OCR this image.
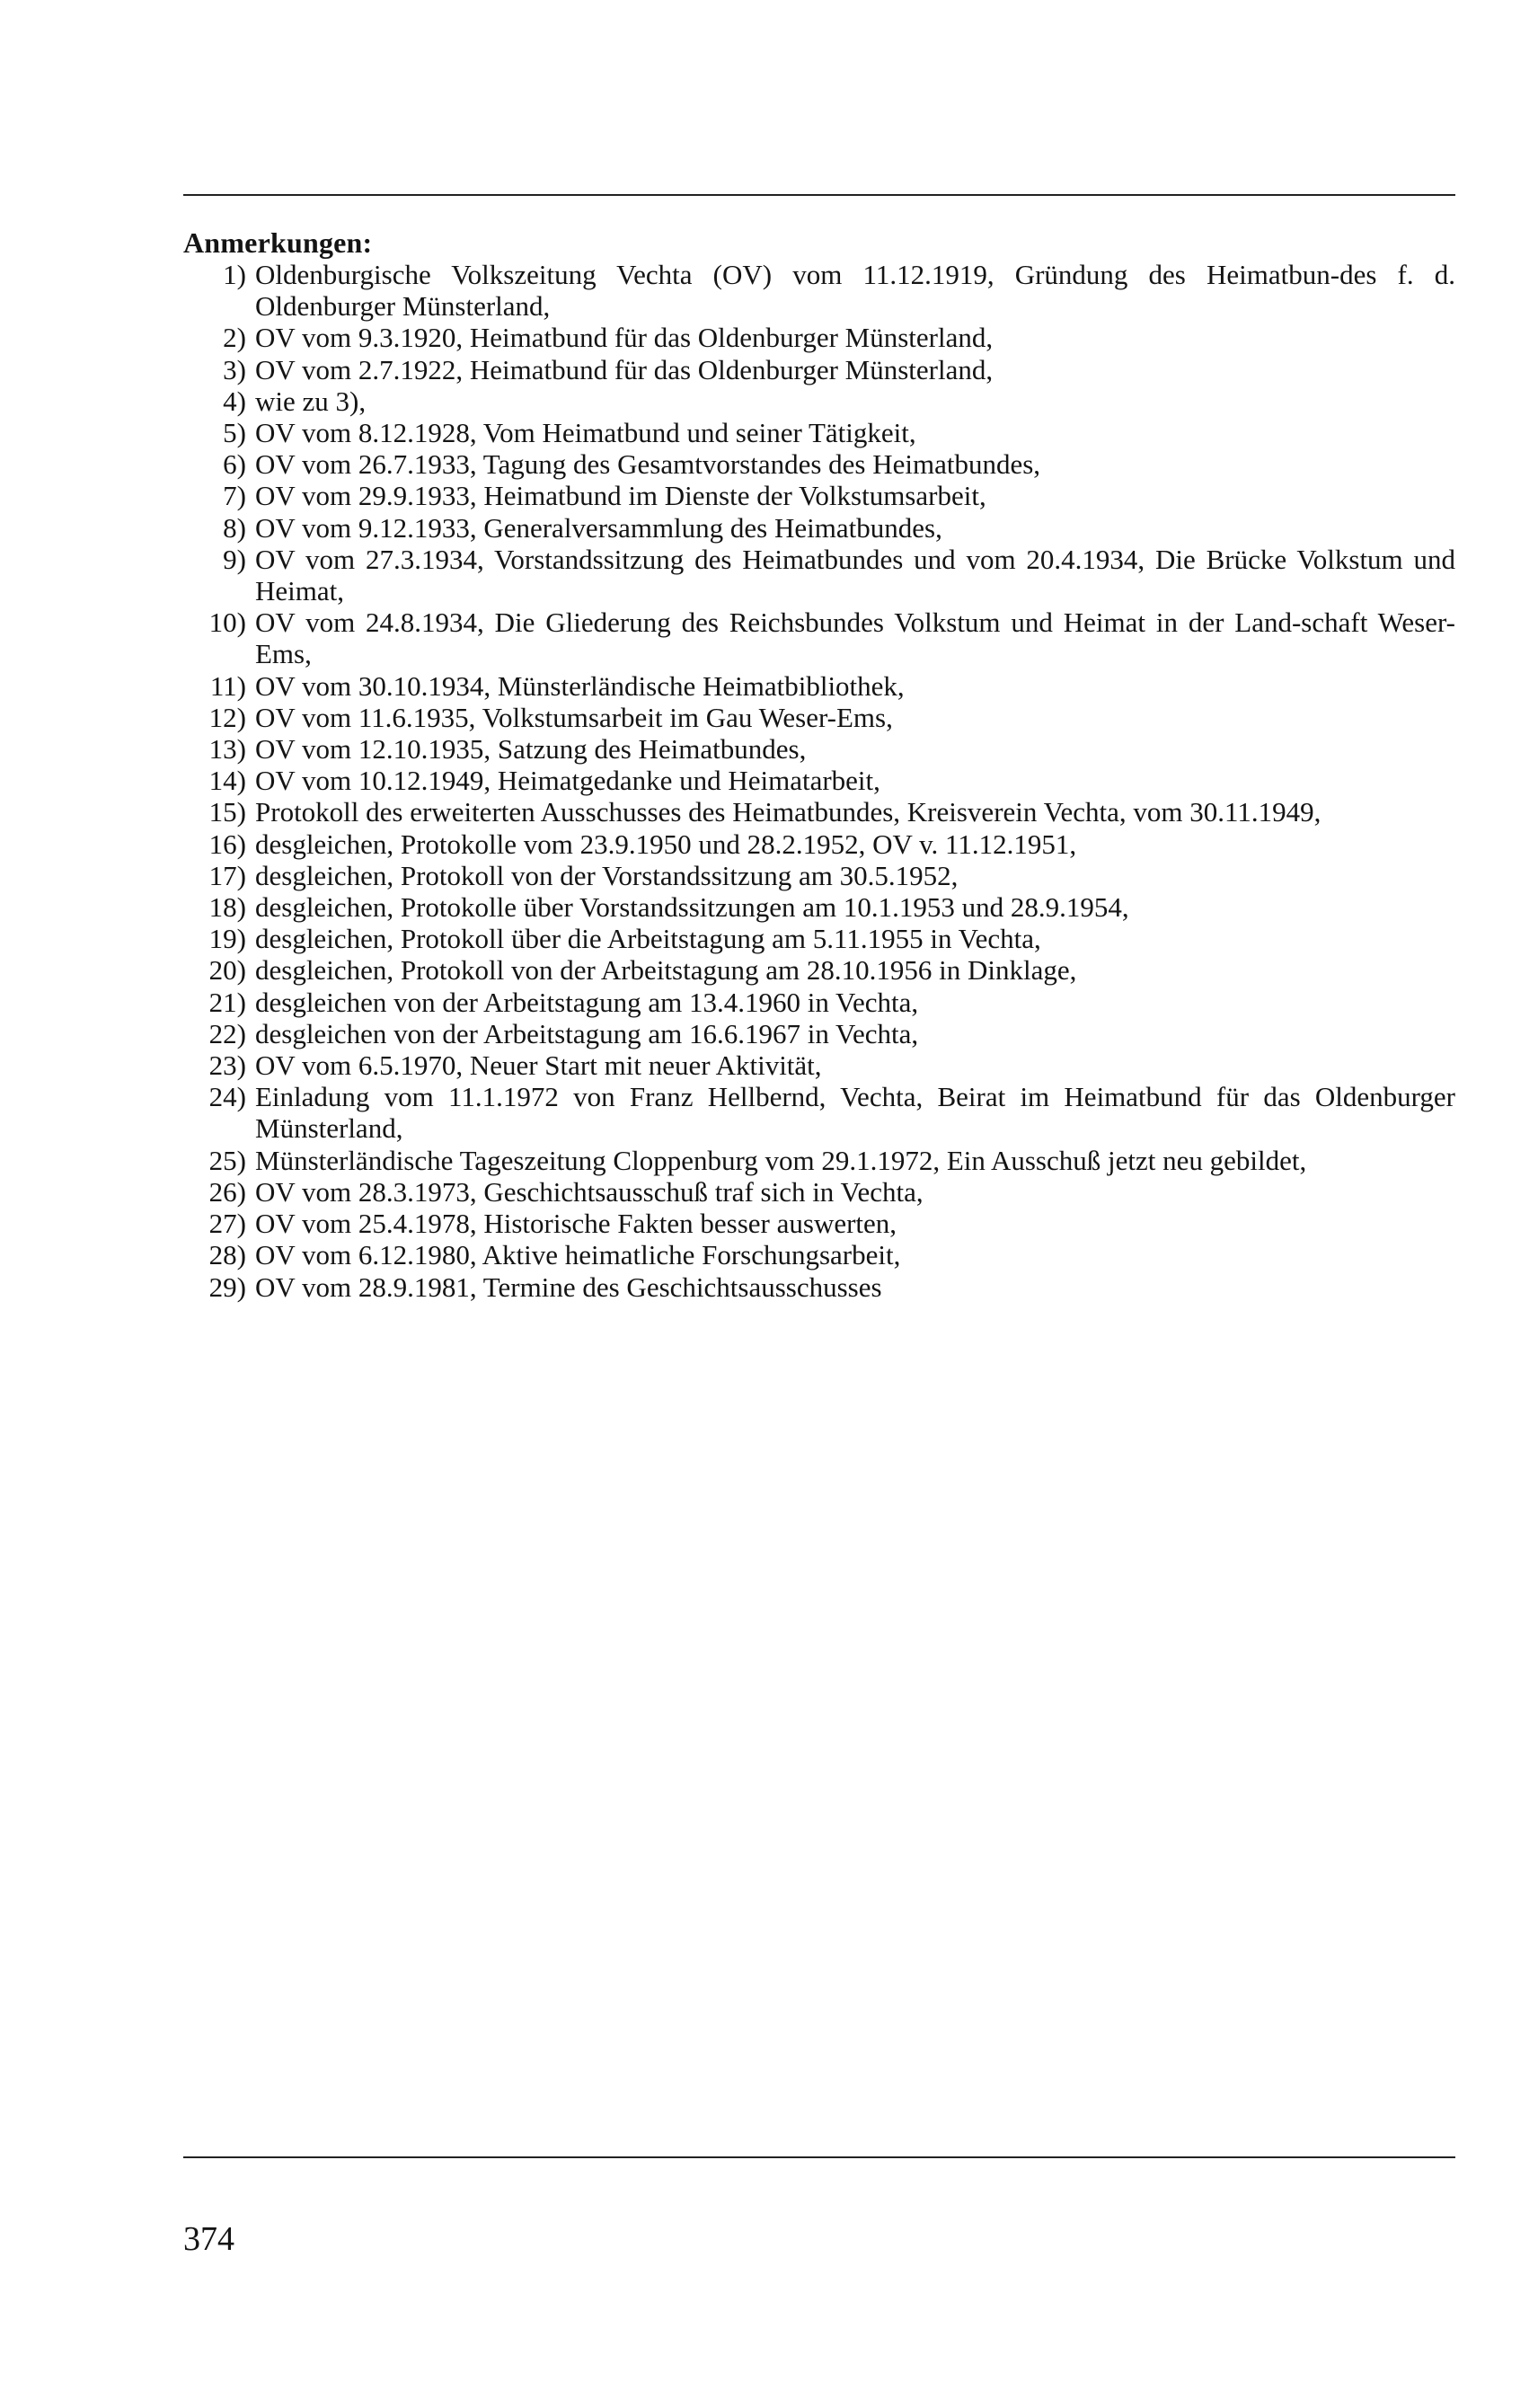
Anmerkungen:
1) Oldenburgische Volkszeitung Vechta (OV) vom 11.12.1919, Gründung des Heimatbun-des f. d. Oldenburger Münsterland,
2) OV vom 9.3.1920, Heimatbund für das Oldenburger Münsterland,
3) OV vom 2.7.1922, Heimatbund für das Oldenburger Münsterland,
4) wie zu 3),
5) OV vom 8.12.1928, Vom Heimatbund und seiner Tätigkeit,
6) OV vom 26.7.1933, Tagung des Gesamtvorstandes des Heimatbundes,
7) OV vom 29.9.1933, Heimatbund im Dienste der Volkstumsarbeit,
8) OV vom 9.12.1933, Generalversammlung des Heimatbundes,
9) OV vom 27.3.1934, Vorstandssitzung des Heimatbundes und vom 20.4.1934, Die Brücke Volkstum und Heimat,
10) OV vom 24.8.1934, Die Gliederung des Reichsbundes Volkstum und Heimat in der Land-schaft Weser-Ems,
11) OV vom 30.10.1934, Münsterländische Heimatbibliothek,
12) OV vom 11.6.1935, Volkstumsarbeit im Gau Weser-Ems,
13) OV vom 12.10.1935, Satzung des Heimatbundes,
14) OV vom 10.12.1949, Heimatgedanke und Heimatarbeit,
15) Protokoll des erweiterten Ausschusses des Heimatbundes, Kreisverein Vechta, vom 30.11.1949,
16) desgleichen, Protokolle vom 23.9.1950 und 28.2.1952, OV v. 11.12.1951,
17) desgleichen, Protokoll von der Vorstandssitzung am 30.5.1952,
18) desgleichen, Protokolle über Vorstandssitzungen am 10.1.1953 und 28.9.1954,
19) desgleichen, Protokoll über die Arbeitstagung am 5.11.1955 in Vechta,
20) desgleichen, Protokoll von der Arbeitstagung am 28.10.1956 in Dinklage,
21) desgleichen von der Arbeitstagung am 13.4.1960 in Vechta,
22) desgleichen von der Arbeitstagung am 16.6.1967 in Vechta,
23) OV vom 6.5.1970, Neuer Start mit neuer Aktivität,
24) Einladung vom 11.1.1972 von Franz Hellbernd, Vechta, Beirat im Heimatbund für das Oldenburger Münsterland,
25) Münsterländische Tageszeitung Cloppenburg vom 29.1.1972, Ein Ausschuß jetzt neu gebildet,
26) OV vom 28.3.1973, Geschichtsausschuß traf sich in Vechta,
27) OV vom 25.4.1978, Historische Fakten besser auswerten,
28) OV vom 6.12.1980, Aktive heimatliche Forschungsarbeit,
29) OV vom 28.9.1981, Termine des Geschichtsausschusses
374
